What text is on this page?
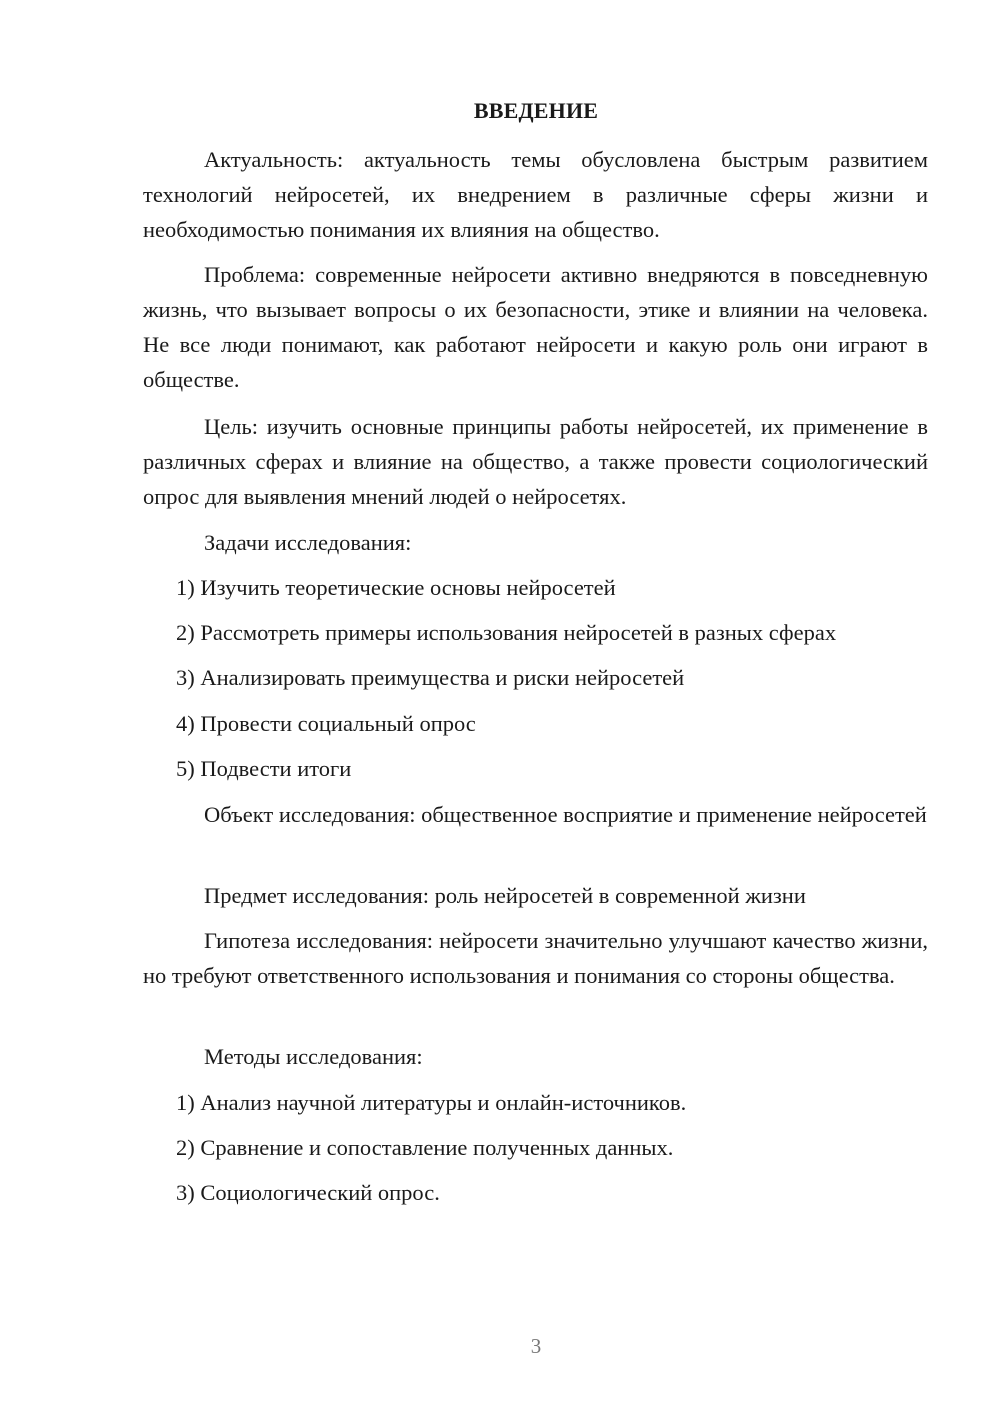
ВВЕДЕНИЕ

Актуальность: актуальность темы обусловлена быстрым развитием технологий нейросетей, их внедрением в различные сферы жизни и необходимостью понимания их влияния на общество.

Проблема: современные нейросети активно внедряются в повседневную жизнь, что вызывает вопросы о их безопасности, этике и влиянии на человека. Не все люди понимают, как работают нейросети и какую роль они играют в обществе.

Цель: изучить основные принципы работы нейросетей, их применение в различных сферах и влияние на общество, а также провести социологический опрос для выявления мнений людей о нейросетях.

Задачи исследования:

1) Изучить теоретические основы нейросетей

2) Рассмотреть примеры использования нейросетей в разных сферах

3) Анализировать преимущества и риски нейросетей

4) Провести социальный опрос

5) Подвести итоги

Объект исследования: общественное восприятие и применение нейросетей

Предмет исследования: роль нейросетей в современной жизни

Гипотеза исследования: нейросети значительно улучшают качество жизни, но требуют ответственного использования и понимания со стороны общества.

Методы исследования:

1) Анализ научной литературы и онлайн-источников.

2) Сравнение и сопоставление полученных данных.

3) Социологический опрос.

3
